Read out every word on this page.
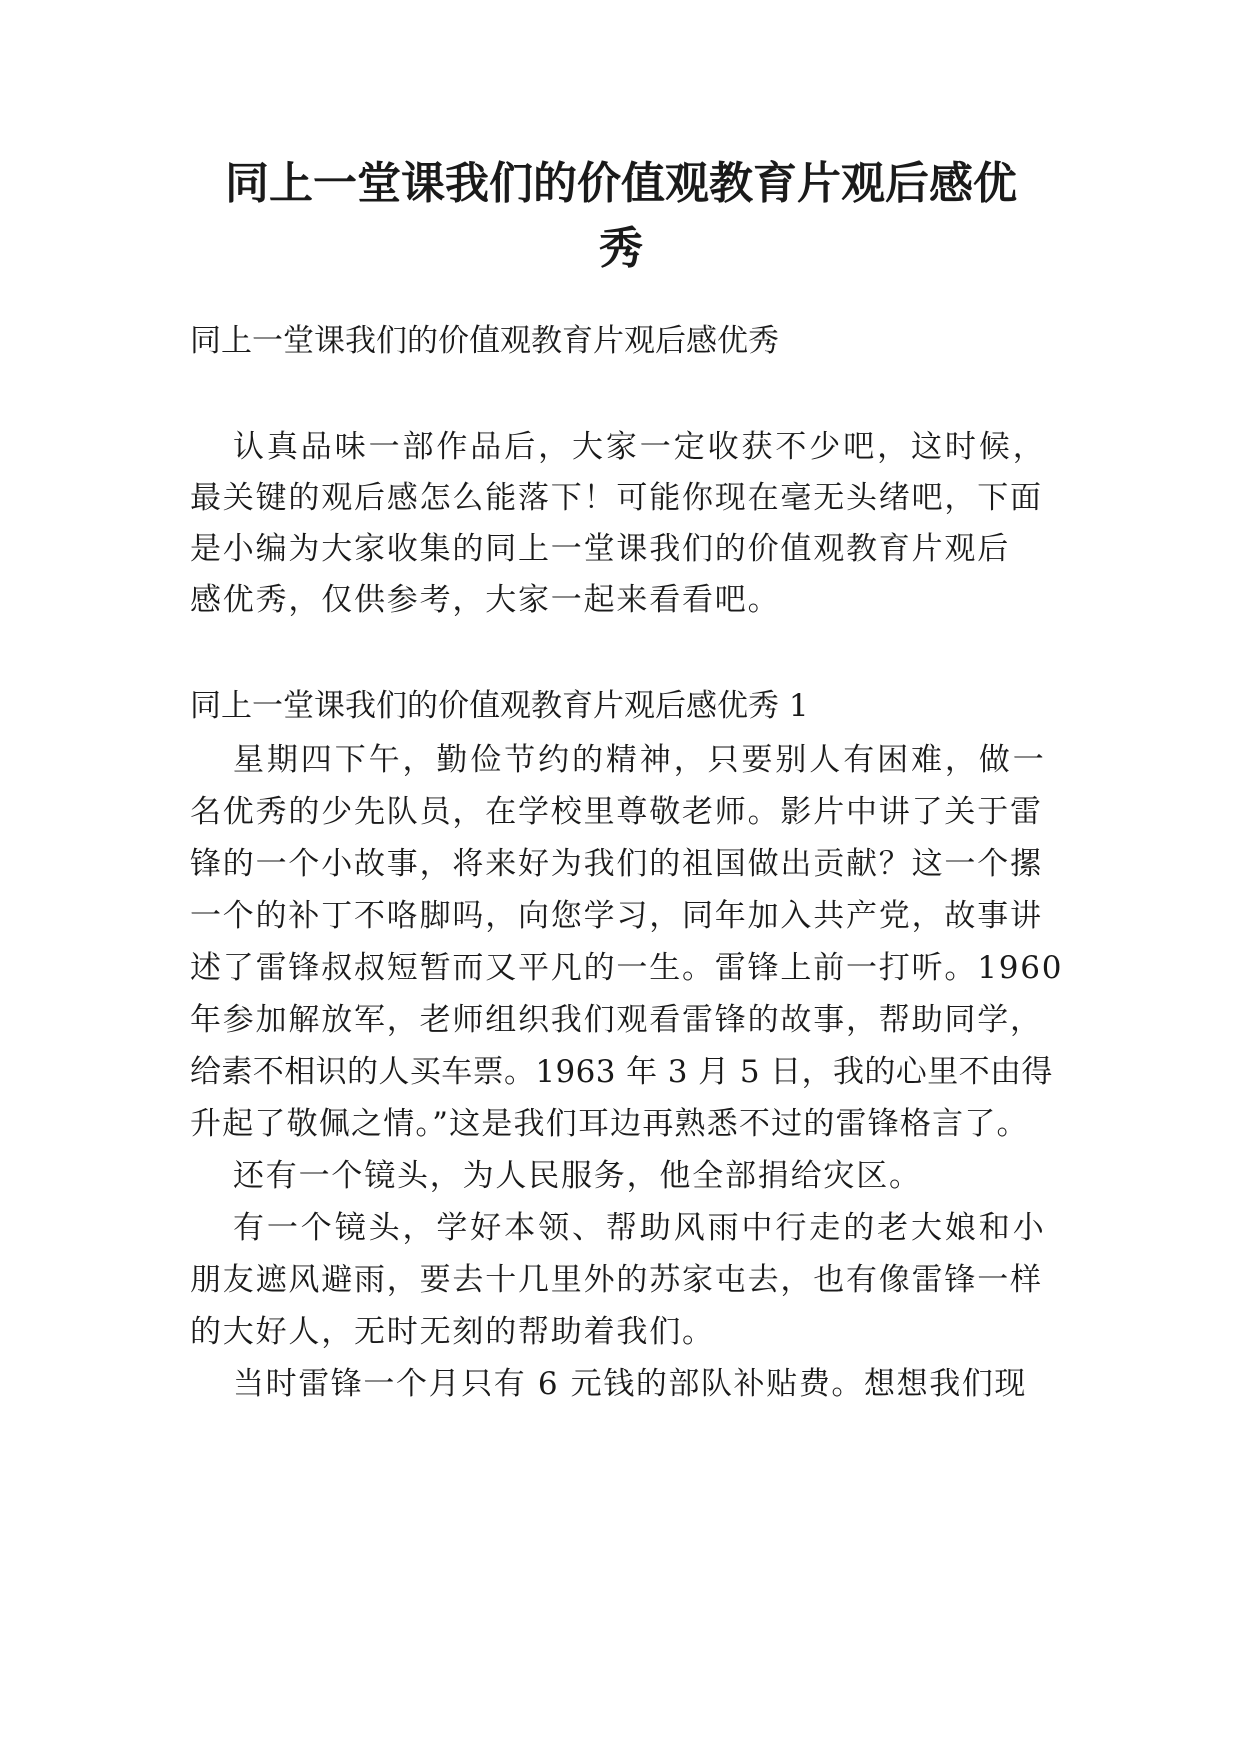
同上一堂课我们的价值观教育片观后感优
秀

同上一堂课我们的价值观教育片观后感优秀

认真品味一部作品后，大家一定收获不少吧，这时候，

最关键的观后感怎么能落下！可能你现在毫无头绪吧，下面

是小编为大家收集的同上一堂课我们的价值观教育片观后

感优秀，仅供参考，大家一起来看看吧。

同上一堂课我们的价值观教育片观后感优秀 1

星期四下午，勤俭节约的精神，只要别人有困难，做一

名优秀的少先队员，在学校里尊敬老师。影片中讲了关于雷

锋的一个小故事，将来好为我们的祖国做出贡献？这一个摞

一个的补丁不咯脚吗，向您学习，同年加入共产党，故事讲

述了雷锋叔叔短暂而又平凡的一生。雷锋上前一打听。1960

年参加解放军，老师组织我们观看雷锋的故事，帮助同学，

给素不相识的人买车票。1963 年 3 月 5 日，我的心里不由得

升起了敬佩之情。”这是我们耳边再熟悉不过的雷锋格言了。

还有一个镜头，为人民服务，他全部捐给灾区。

有一个镜头，学好本领、帮助风雨中行走的老大娘和小

朋友遮风避雨，要去十几里外的苏家屯去，也有像雷锋一样

的大好人，无时无刻的帮助着我们。

当时雷锋一个月只有 6 元钱的部队补贴费。想想我们现
